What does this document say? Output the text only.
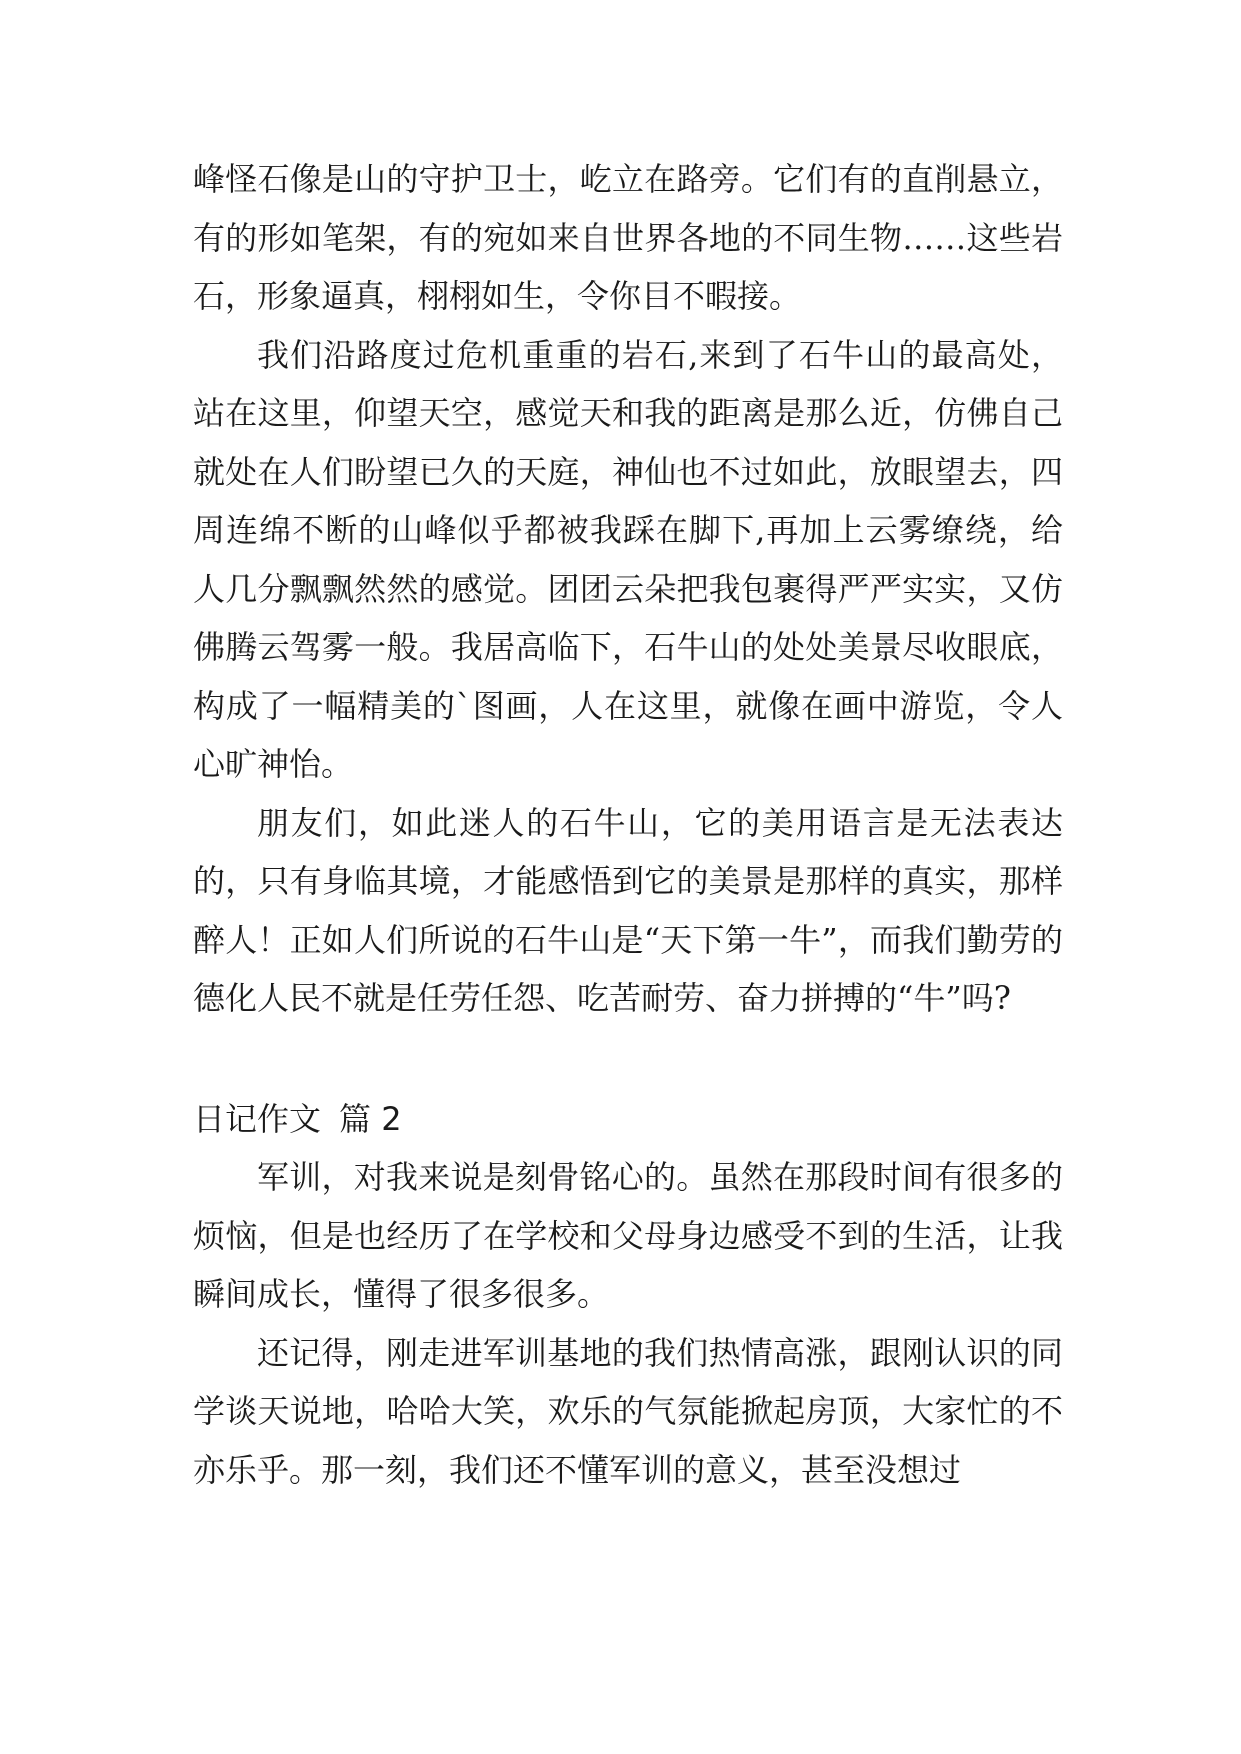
峰怪石像是山的守护卫士，屹立在路旁。它们有的直削悬立，有的形如笔架，有的宛如来自世界各地的不同生物……这些岩石，形象逼真，栩栩如生，令你目不暇接。

我们沿路度过危机重重的岩石,来到了石牛山的最高处，站在这里，仰望天空，感觉天和我的距离是那么近，仿佛自己就处在人们盼望已久的天庭，神仙也不过如此，放眼望去，四周连绵不断的山峰似乎都被我踩在脚下,再加上云雾缭绕，给人几分飘飘然然的感觉。团团云朵把我包裹得严严实实，又仿佛腾云驾雾一般。我居高临下，石牛山的处处美景尽收眼底，构成了一幅精美的`图画，人在这里，就像在画中游览，令人心旷神怡。

朋友们，如此迷人的石牛山，它的美用语言是无法表达的，只有身临其境，才能感悟到它的美景是那样的真实，那样醉人！正如人们所说的石牛山是“天下第一牛”，而我们勤劳的德化人民不就是任劳任怨、吃苦耐劳、奋力拼搏的“牛”吗?

日记作文 篇 2

军训，对我来说是刻骨铭心的。虽然在那段时间有很多的烦恼，但是也经历了在学校和父母身边感受不到的生活，让我瞬间成长，懂得了很多很多。

还记得，刚走进军训基地的我们热情高涨，跟刚认识的同学谈天说地，哈哈大笑，欢乐的气氛能掀起房顶，大家忙的不亦乐乎。那一刻，我们还不懂军训的意义，甚至没想过
